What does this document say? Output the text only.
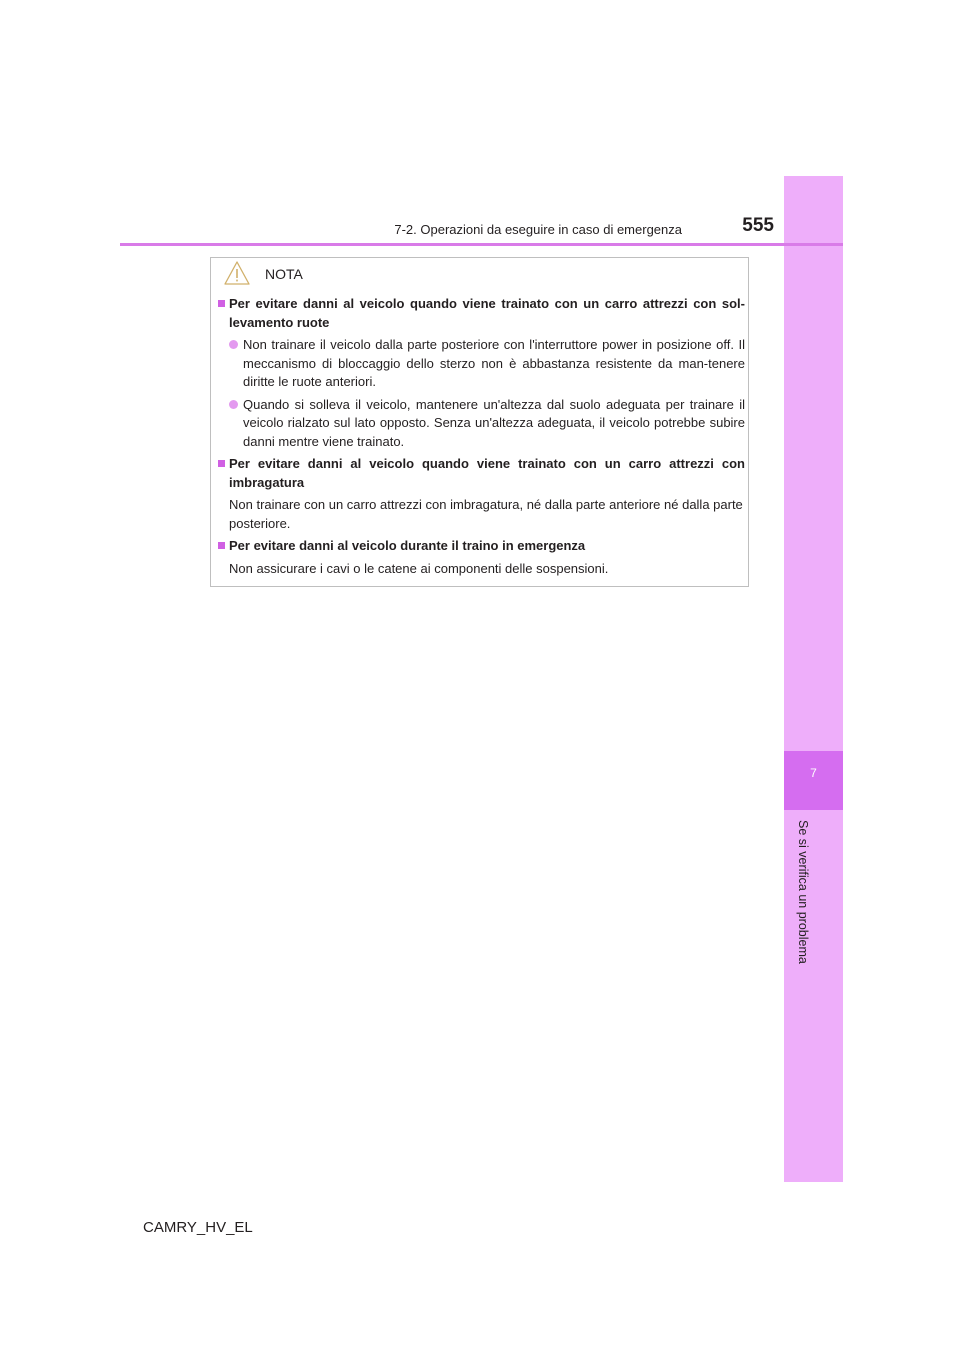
7
Se si verifica un problema
7-2. Operazioni da eseguire in caso di emergenza	555
NOTA
Per evitare danni al veicolo quando viene trainato con un carro attrezzi con sol-levamento ruote
Non trainare il veicolo dalla parte posteriore con l'interruttore power in posizione off. Il meccanismo di bloccaggio dello sterzo non è abbastanza resistente da man-tenere diritte le ruote anteriori.
Quando si solleva il veicolo, mantenere un'altezza dal suolo adeguata per trainare il veicolo rialzato sul lato opposto. Senza un'altezza adeguata, il veicolo potrebbe subire danni mentre viene trainato.
Per evitare danni al veicolo quando viene trainato con un carro attrezzi con imbragatura
Non trainare con un carro attrezzi con imbragatura, né dalla parte anteriore né dalla parte posteriore.
Per evitare danni al veicolo durante il traino in emergenza
Non assicurare i cavi o le catene ai componenti delle sospensioni.
CAMRY_HV_EL
